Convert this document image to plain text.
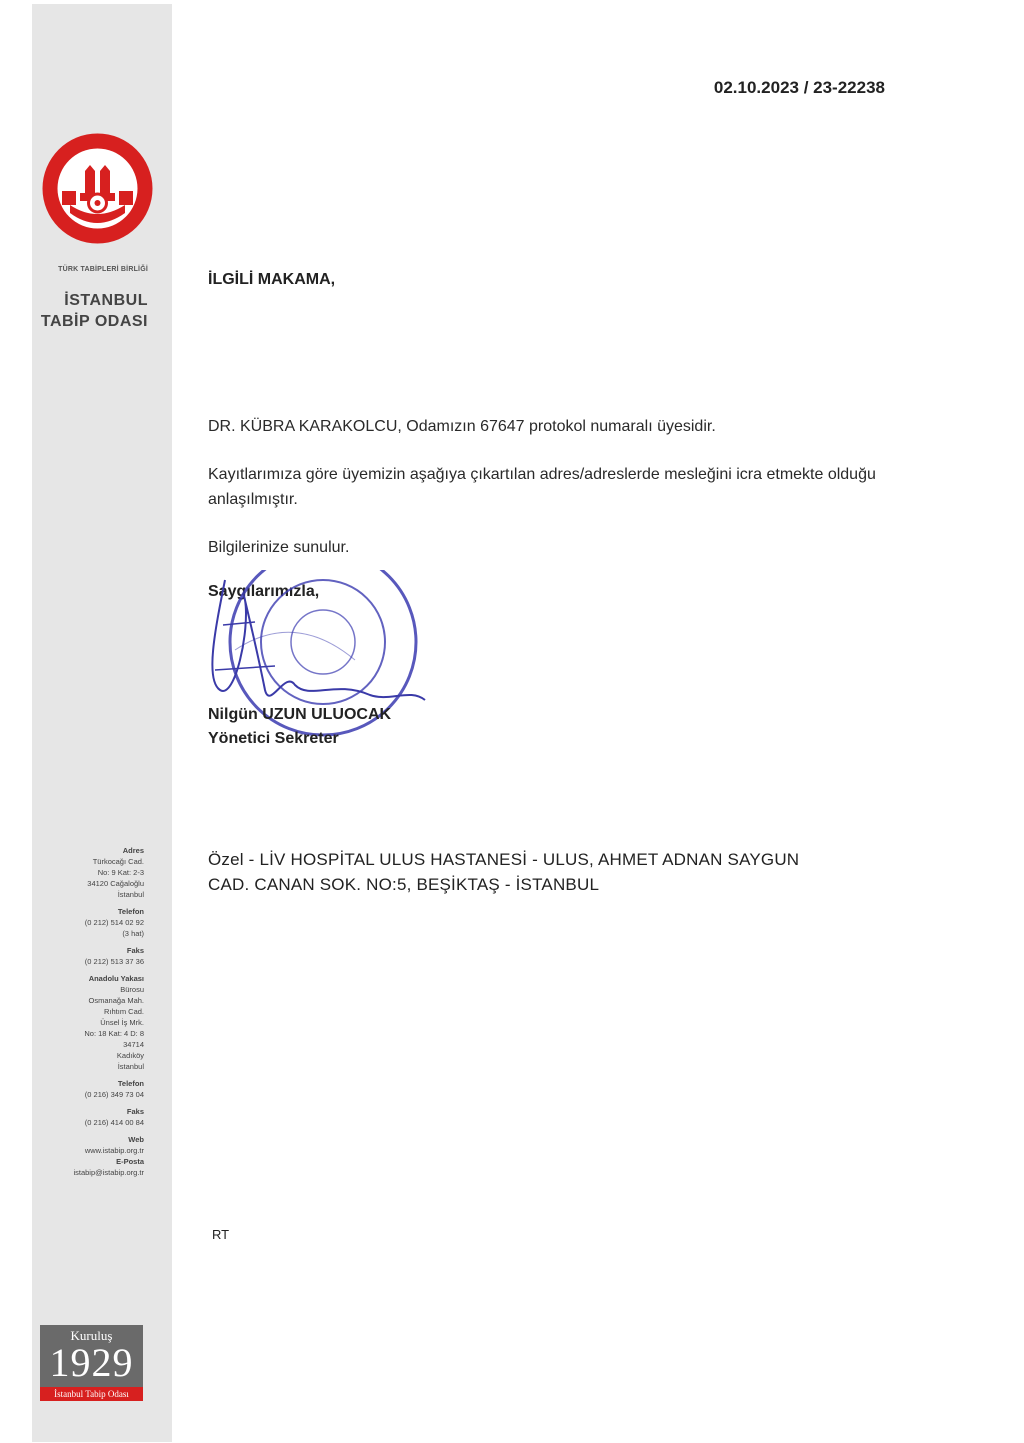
TÜRK TABİPLERİ BİRLİĞİ
İSTANBUL
TABİP ODASI
Adres
Türkocağı Cad.
No: 9 Kat: 2-3
34120 Cağaloğlu
İstanbul
Telefon
(0 212) 514 02 92
(3 hat)
Faks
(0 212) 513 37 36
Anadolu Yakası
Bürosu
Osmanağa Mah.
Rıhtım Cad.
Ünsel İş Mrk.
No: 18 Kat: 4 D: 8
34714
Kadıköy
İstanbul
Telefon
(0 216) 349 73 04
Faks
(0 216) 414 00 84
Web
www.istabip.org.tr
E-Posta
istabip@istabip.org.tr
Kuruluş
1929
İstanbul Tabip Odası
02.10.2023 / 23-22238
İLGİLİ MAKAMA,
DR. KÜBRA KARAKOLCU, Odamızın 67647 protokol numaralı üyesidir.
Kayıtlarımıza göre üyemizin aşağıya çıkartılan adres/adreslerde mesleğini icra etmekte olduğu anlaşılmıştır.
Bilgilerinize sunulur.
Saygılarımızla,
Nilgün UZUN ULUOCAK
Yönetici Sekreter
Özel - LİV HOSPİTAL ULUS HASTANESİ - ULUS, AHMET ADNAN SAYGUN
CAD. CANAN SOK. NO:5, BEŞİKTAŞ - İSTANBUL
RT
